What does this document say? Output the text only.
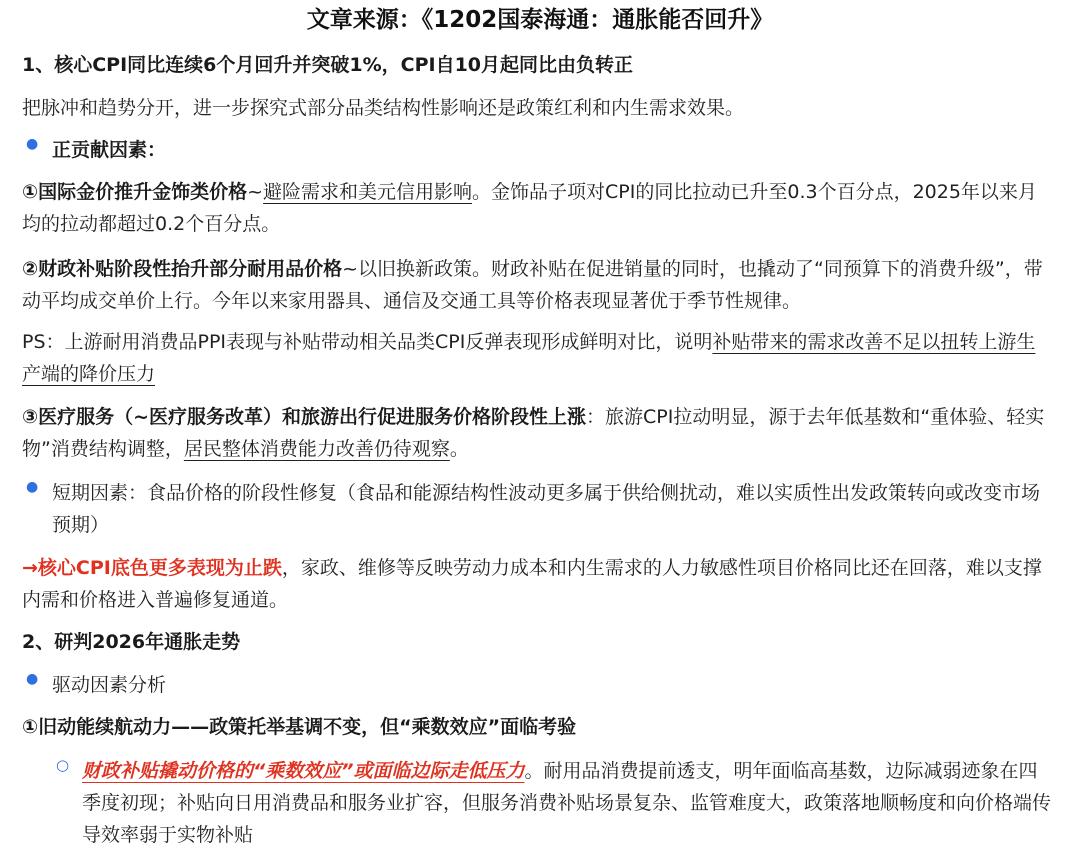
文章来源：《1202国泰海通：通胀能否回升》

1、核心CPI同比连续6个月回升并突破1%，CPI自10月起同比由负转正

把脉冲和趋势分开，进一步探究式部分品类结构性影响还是政策红利和内生需求效果。

● 正贡献因素：

①国际金价推升金饰类价格~避险需求和美元信用影响。金饰品子项对CPI的同比拉动已升至0.3个百分点，2025年以来月均的拉动都超过0.2个百分点。

②财政补贴阶段性抬升部分耐用品价格~以旧换新政策。财政补贴在促进销量的同时，也撬动了“同预算下的消费升级”，带动平均成交单价上行。今年以来家用器具、通信及交通工具等价格表现显著优于季节性规律。

PS：上游耐用消费品PPI表现与补贴带动相关品类CPI反弹表现形成鲜明对比，说明补贴带来的需求改善不足以扭转上游生产端的降价压力

③医疗服务（~医疗服务改革）和旅游出行促进服务价格阶段性上涨：旅游CPI拉动明显，源于去年低基数和“重体验、轻实物”消费结构调整，居民整体消费能力改善仍待观察。

● 短期因素：食品价格的阶段性修复（食品和能源结构性波动更多属于供给侧扰动，难以实质性出发政策转向或改变市场预期）

→核心CPI底色更多表现为止跌，家政、维修等反映劳动力成本和内生需求的人力敏感性项目价格同比还在回落，难以支撑内需和价格进入普遍修复通道。

2、研判2026年通胀走势

● 驱动因素分析

①旧动能续航动力——政策托举基调不变，但“乘数效应”面临考验

○ 财政补贴撬动价格的“乘数效应”或面临边际走低压力。耐用品消费提前透支，明年面临高基数，边际减弱迹象在四季度初现；补贴向日用消费品和服务业扩容，但服务消费补贴场景复杂、监管难度大，政策落地顺畅度和向价格端传导效率弱于实物补贴
